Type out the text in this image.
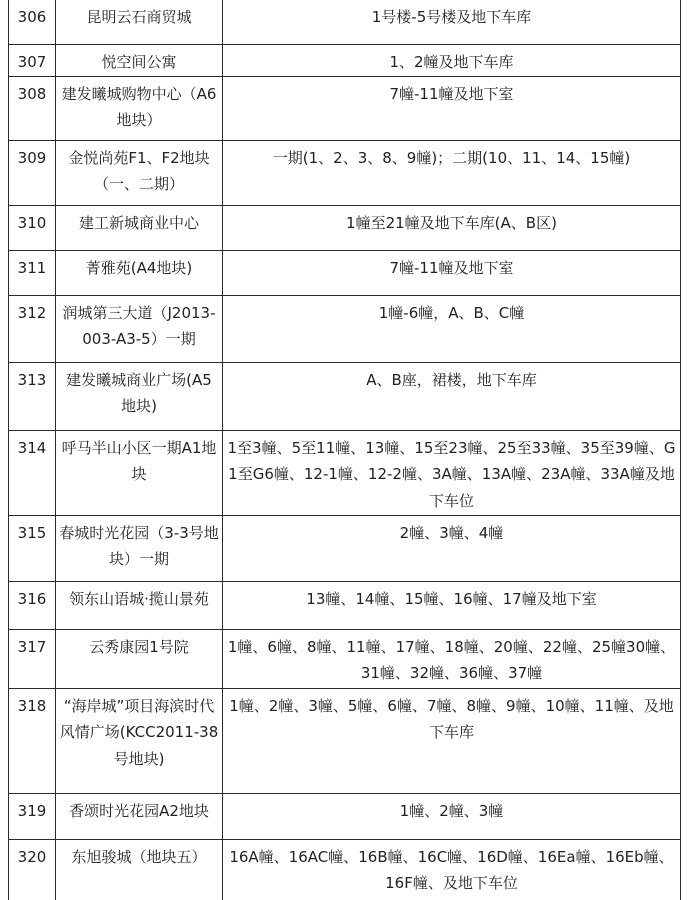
306	昆明云石商贸城	1号楼-5号楼及地下车库
307	悦空间公寓	1、2幢及地下车库
308	建发曦城购物中心（A6地块）	7幢-11幢及地下室
309	金悦尚苑F1、F2地块（一、二期）	一期(1、2、3、8、9幢)；二期(10、11、14、15幢)
310	建工新城商业中心	1幢至21幢及地下车库(A、B区)
311	菁雅苑(A4地块)	7幢-11幢及地下室
312	润城第三大道（J2013-003-A3-5）一期	1幢-6幢，A、B、C幢
313	建发曦城商业广场(A5地块)	A、B座，裙楼，地下车库
314	呼马半山小区一期A1地块	1至3幢、5至11幢、13幢、15至23幢、25至33幢、35至39幢、G1至G6幢、12-1幢、12-2幢、3A幢、13A幢、23A幢、33A幢及地下车位
315	春城时光花园（3-3号地块）一期	2幢、3幢、4幢
316	领东山语城·揽山景苑	13幢、14幢、15幢、16幢、17幢及地下室
317	云秀康园1号院	1幢、6幢、8幢、11幢、17幢、18幢、20幢、22幢、25幢30幢、31幢、32幢、36幢、37幢
318	“海岸城”项目海滨时代风情广场(KCC2011-38号地块)	1幢、2幢、3幢、5幢、6幢、7幢、8幢、9幢、10幢、11幢、及地下车库
319	香颂时光花园A2地块	1幢、2幢、3幢
320	东旭骏城（地块五）	16A幢、16AC幢、16B幢、16C幢、16D幢、16Ea幢、16Eb幢、16F幢、及地下车位
